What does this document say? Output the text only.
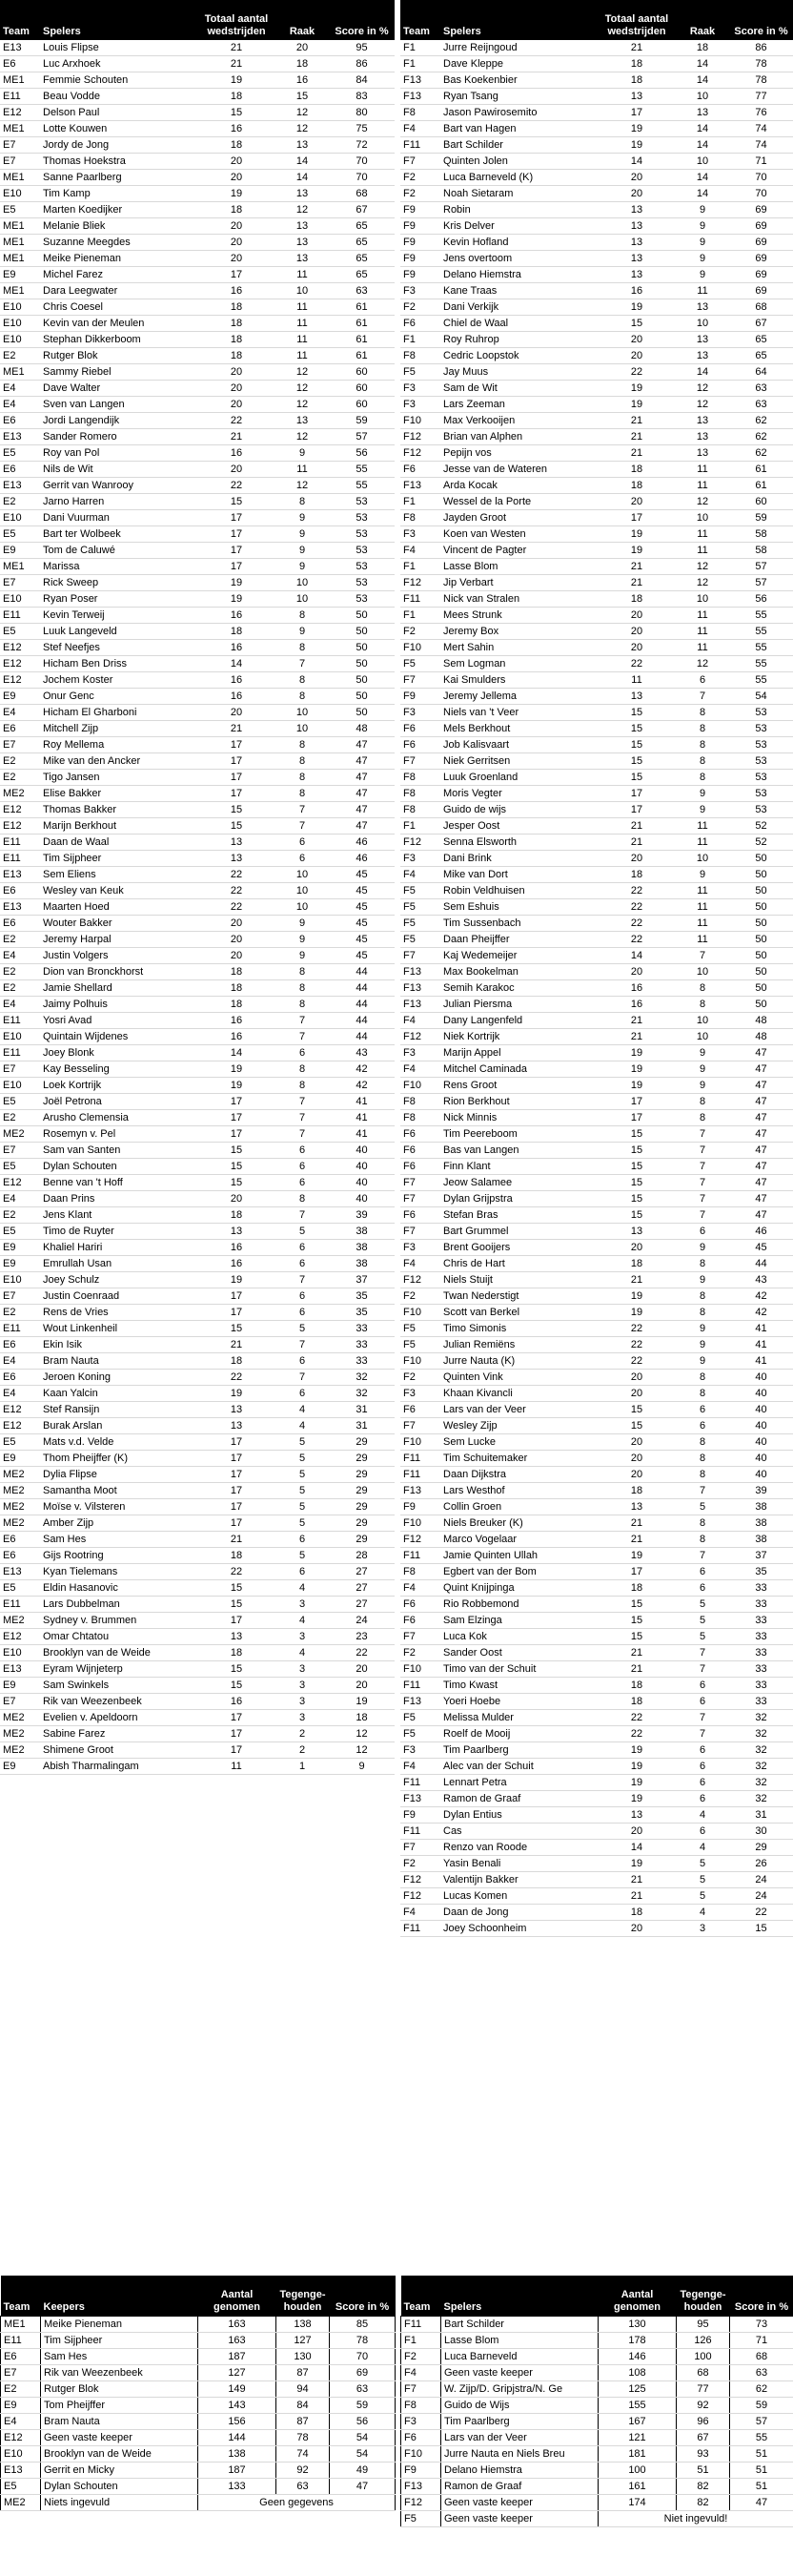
Team	Spelers	Totaal aantal wedstrijden	Raak	Score in %
E13	Louis Flipse	21	20	95
E6	Luc Arxhoek	21	18	86
ME1	Femmie Schouten	19	16	84
E11	Beau Vodde	18	15	83
E12	Delson Paul	15	12	80
ME1	Lotte Kouwen	16	12	75
E7	Jordy de Jong	18	13	72
E7	Thomas Hoekstra	20	14	70
ME1	Sanne Paarlberg	20	14	70
E10	Tim Kamp	19	13	68
E5	Marten Koedijker	18	12	67
ME1	Melanie Bliek	20	13	65
ME1	Suzanne Meegdes	20	13	65
ME1	Meike Pieneman	20	13	65
E9	Michel Farez	17	11	65
ME1	Dara Leegwater	16	10	63
E10	Chris Coesel	18	11	61
E10	Kevin van der Meulen	18	11	61
E10	Stephan Dikkerboom	18	11	61
E2	Rutger Blok	18	11	61
ME1	Sammy Riebel	20	12	60
E4	Dave Walter	20	12	60
E4	Sven van Langen	20	12	60
E6	Jordi Langendijk	22	13	59
E13	Sander Romero	21	12	57
E5	Roy van Pol	16	9	56
E6	Nils de Wit	20	11	55
E13	Gerrit van Wanrooy	22	12	55
E2	Jarno Harren	15	8	53
E10	Dani Vuurman	17	9	53
E5	Bart ter Wolbeek	17	9	53
E9	Tom de Caluwé	17	9	53
ME1	Marissa	17	9	53
E7	Rick Sweep	19	10	53
E10	Ryan Poser	19	10	53
E11	Kevin Terweij	16	8	50
E5	Luuk Langeveld	18	9	50
E12	Stef Neefjes	16	8	50
E12	Hicham Ben Driss	14	7	50
E12	Jochem Koster	16	8	50
E9	Onur Genc	16	8	50
E4	Hicham El Gharboni	20	10	50
E6	Mitchell Zijp	21	10	48
E7	Roy Mellema	17	8	47
E2	Mike van den Ancker	17	8	47
E2	Tigo Jansen	17	8	47
ME2	Elise Bakker	17	8	47
E12	Thomas Bakker	15	7	47
E12	Marijn Berkhout	15	7	47
E11	Daan de Waal	13	6	46
E11	Tim Sijpheer	13	6	46
E13	Sem Eliens	22	10	45
E6	Wesley van Keuk	22	10	45
E13	Maarten Hoed	22	10	45
E6	Wouter Bakker	20	9	45
E2	Jeremy Harpal	20	9	45
E4	Justin Volgers	20	9	45
E2	Dion van Bronckhorst	18	8	44
E2	Jamie Shellard	18	8	44
E4	Jaimy Polhuis	18	8	44
E11	Yosri Avad	16	7	44
E10	Quintain Wijdenes	16	7	44
E11	Joey Blonk	14	6	43
E7	Kay Besseling	19	8	42
E10	Loek Kortrijk	19	8	42
E5	Joël Petrona	17	7	41
E2	Arusho Clemensia	17	7	41
ME2	Rosemyn v. Pel	17	7	41
E7	Sam van Santen	15	6	40
E5	Dylan Schouten	15	6	40
E12	Benne van 't Hoff	15	6	40
E4	Daan Prins	20	8	40
E2	Jens Klant	18	7	39
E5	Timo de Ruyter	13	5	38
E9	Khaliel Hariri	16	6	38
E9	Emrullah Usan	16	6	38
E10	Joey Schulz	19	7	37
E7	Justin Coenraad	17	6	35
E2	Rens de Vries	17	6	35
E11	Wout Linkenheil	15	5	33
E6	Ekin Isik	21	7	33
E4	Bram Nauta	18	6	33
E6	Jeroen Koning	22	7	32
E4	Kaan Yalcin	19	6	32
E12	Stef Ransijn	13	4	31
E12	Burak Arslan	13	4	31
E5	Mats v.d. Velde	17	5	29
E9	Thom Pheijffer (K)	17	5	29
ME2	Dylia Flipse	17	5	29
ME2	Samantha Moot	17	5	29
ME2	Moïse v. Vilsteren	17	5	29
ME2	Amber Zijp	17	5	29
E6	Sam Hes	21	6	29
E6	Gijs Rootring	18	5	28
E13	Kyan Tielemans	22	6	27
E5	Eldin Hasanovic	15	4	27
E11	Lars Dubbelman	15	3	27
ME2	Sydney v. Brummen	17	4	24
E12	Omar Chtatou	13	3	23
E10	Brooklyn van de Weide	18	4	22
E13	Eyram Wijnjeterp	15	3	20
E9	Sam Swinkels	15	3	20
E7	Rik van Weezenbeek	16	3	19
ME2	Evelien v. Apeldoorn	17	3	18
ME2	Sabine Farez	17	2	12
ME2	Shimene Groot	17	2	12
E9	Abish Tharmalingam	11	1	9
Team	Spelers	Totaal aantal wedstrijden	Raak	Score in %
F1	Jurre Reijngoud	21	18	86
F1	Dave Kleppe	18	14	78
F13	Bas Koekenbier	18	14	78
F13	Ryan Tsang	13	10	77
F8	Jason Pawirosemito	17	13	76
F4	Bart van Hagen	19	14	74
F11	Bart Schilder	19	14	74
F7	Quinten Jolen	14	10	71
F2	Luca Barneveld (K)	20	14	70
F2	Noah Sietaram	20	14	70
F9	Robin	13	9	69
F9	Kris Delver	13	9	69
F9	Kevin Hofland	13	9	69
F9	Jens overtoom	13	9	69
F9	Delano Hiemstra	13	9	69
F3	Kane Traas	16	11	69
F2	Dani Verkijk	19	13	68
F6	Chiel de Waal	15	10	67
F1	Roy Ruhrop	20	13	65
F8	Cedric Loopstok	20	13	65
F5	Jay Muus	22	14	64
F3	Sam de Wit	19	12	63
F3	Lars Zeeman	19	12	63
F10	Max Verkooijen	21	13	62
F12	Brian van Alphen	21	13	62
F12	Pepijn vos	21	13	62
F6	Jesse van de Wateren	18	11	61
F13	Arda Kocak	18	11	61
F1	Wessel de la Porte	20	12	60
F8	Jayden Groot	17	10	59
F3	Koen van Westen	19	11	58
F4	Vincent de Pagter	19	11	58
F1	Lasse Blom	21	12	57
F12	Jip Verbart	21	12	57
F11	Nick van Stralen	18	10	56
F1	Mees Strunk	20	11	55
F2	Jeremy Box	20	11	55
F10	Mert Sahin	20	11	55
F5	Sem Logman	22	12	55
F7	Kai Smulders	11	6	55
F9	Jeremy Jellema	13	7	54
F3	Niels van 't Veer	15	8	53
F6	Mels Berkhout	15	8	53
F6	Job Kalisvaart	15	8	53
F7	Niek Gerritsen	15	8	53
F8	Luuk Groenland	15	8	53
F8	Moris Vegter	17	9	53
F8	Guido de wijs	17	9	53
F1	Jesper Oost	21	11	52
F12	Senna Elsworth	21	11	52
F3	Dani Brink	20	10	50
F4	Mike van Dort	18	9	50
F5	Robin Veldhuisen	22	11	50
F5	Sem Eshuis	22	11	50
F5	Tim Sussenbach	22	11	50
F5	Daan Pheijffer	22	11	50
F7	Kaj Wedemeijer	14	7	50
F13	Max Bookelman	20	10	50
F13	Semih Karakoc	16	8	50
F13	Julian Piersma	16	8	50
F4	Dany Langenfeld	21	10	48
F12	Niek Kortrijk	21	10	48
F3	Marijn Appel	19	9	47
F4	Mitchel Caminada	19	9	47
F10	Rens Groot	19	9	47
F8	Rion Berkhout	17	8	47
F8	Nick Minnis	17	8	47
F6	Tim Peereboom	15	7	47
F6	Bas van Langen	15	7	47
F6	Finn Klant	15	7	47
F7	Jeow Salamee	15	7	47
F7	Dylan Grijpstra	15	7	47
F6	Stefan Bras	15	7	47
F7	Bart Grummel	13	6	46
F3	Brent Gooijers	20	9	45
F4	Chris de Hart	18	8	44
F12	Niels Stuijt	21	9	43
F2	Twan Nederstigt	19	8	42
F10	Scott van Berkel	19	8	42
F5	Timo Simonis	22	9	41
F5	Julian Remiëns	22	9	41
F10	Jurre Nauta (K)	22	9	41
F2	Quinten Vink	20	8	40
F3	Khaan Kivancli	20	8	40
F6	Lars van der Veer	15	6	40
F7	Wesley Zijp	15	6	40
F10	Sem Lucke	20	8	40
F11	Tim Schuitemaker	20	8	40
F11	Daan Dijkstra	20	8	40
F13	Lars Westhof	18	7	39
F9	Collin Groen	13	5	38
F10	Niels Breuker (K)	21	8	38
F12	Marco Vogelaar	21	8	38
F11	Jamie Quinten Ullah	19	7	37
F8	Egbert van der Bom	17	6	35
F4	Quint Knijpinga	18	6	33
F6	Rio Robbemond	15	5	33
F6	Sam Elzinga	15	5	33
F7	Luca Kok	15	5	33
F2	Sander Oost	21	7	33
F10	Timo van der Schuit	21	7	33
F11	Timo Kwast	18	6	33
F13	Yoeri Hoebe	18	6	33
F5	Melissa Mulder	22	7	32
F5	Roelf de Mooij	22	7	32
F3	Tim Paarlberg	19	6	32
F4	Alec van der Schuit	19	6	32
F11	Lennart Petra	19	6	32
F13	Ramon de Graaf	19	6	32
F9	Dylan Entius	13	4	31
F11	Cas	20	6	30
F7	Renzo van Roode	14	4	29
F2	Yasin Benali	19	5	26
F12	Valentijn Bakker	21	5	24
F12	Lucas Komen	21	5	24
F4	Daan de Jong	18	4	22
F11	Joey Schoonheim	20	3	15
Team	Keepers	Aantal genomen	Tegenge- houden	Score in %
ME1	Meike Pieneman	163	138	85
E11	Tim Sijpheer	163	127	78
E6	Sam Hes	187	130	70
E7	Rik van Weezenbeek	127	87	69
E2	Rutger Blok	149	94	63
E9	Tom Pheijffer	143	84	59
E4	Bram Nauta	156	87	56
E12	Geen vaste keeper	144	78	54
E10	Brooklyn van de Weide	138	74	54
E13	Gerrit en Micky	187	92	49
E5	Dylan Schouten	133	63	47
ME2	Niets ingevuld	Geen gegevens		
Team	Spelers	Aantal genomen	Tegenge- houden	Score in %
F11	Bart Schilder	130	95	73
F1	Lasse Blom	178	126	71
F2	Luca Barneveld	146	100	68
F4	Geen vaste keeper	108	68	63
F7	W. Zijp/D. Gripjstra/N. Ge	125	77	62
F8	Guido de Wijs	155	92	59
F3	Tim Paarlberg	167	96	57
F6	Lars van der Veer	121	67	55
F10	Jurre Nauta en Niels Breu	181	93	51
F9	Delano Hiemstra	100	51	51
F13	Ramon de Graaf	161	82	51
F12	Geen vaste keeper	174	82	47
F5	Geen vaste keeper	Niet ingevuld!		
